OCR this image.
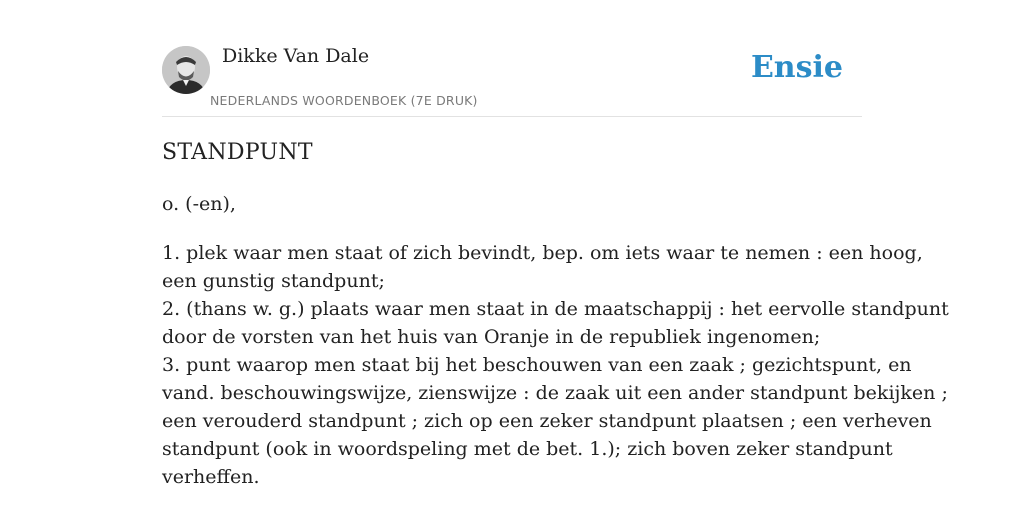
Dikke Van Dale
NEDERLANDS WOORDENBOEK (7E DRUK)
Ensie
STANDPUNT
o. (-en),
1. plek waar men staat of zich bevindt, bep. om iets waar te nemen : een hoog,
een gunstig standpunt;
2. (thans w. g.) plaats waar men staat in de maatschappij : het eervolle standpunt
door de vorsten van het huis van Oranje in de republiek ingenomen;
3. punt waarop men staat bij het beschouwen van een zaak ; gezichtspunt, en
vand. beschouwingswijze, zienswijze : de zaak uit een ander standpunt bekijken ;
een verouderd standpunt ; zich op een zeker standpunt plaatsen ; een verheven
standpunt (ook in woordspeling met de bet. 1.); zich boven zeker standpunt
verheffen.
